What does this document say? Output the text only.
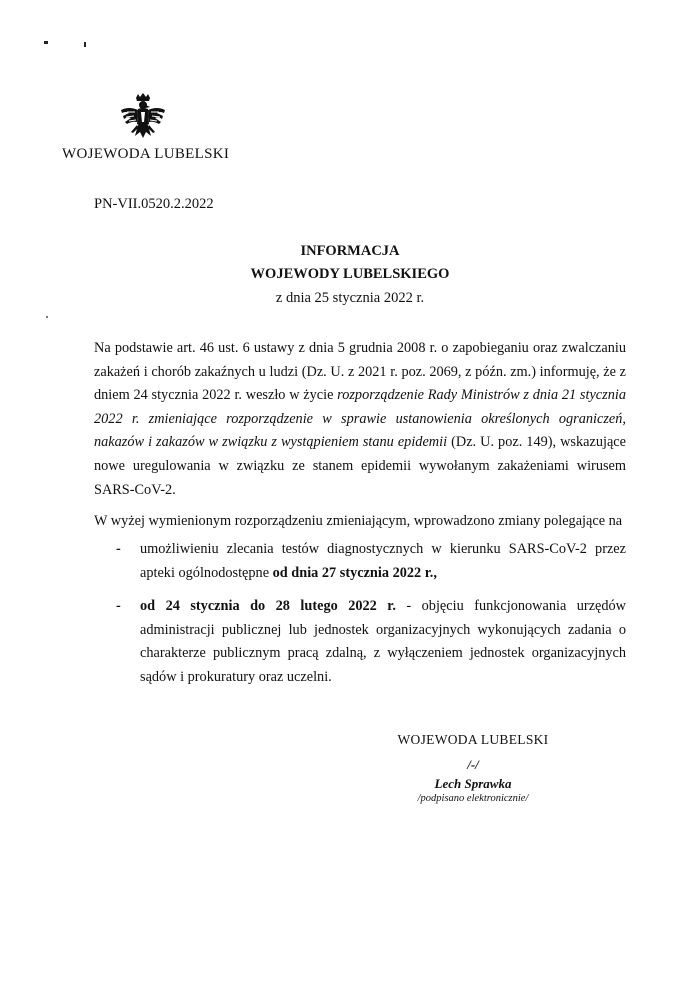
WOJEWODA LUBELSKI
PN-VII.0520.2.2022
INFORMACJA
WOJEWODY LUBELSKIEGO
z dnia 25 stycznia 2022 r.
Na podstawie art. 46 ust. 6 ustawy z dnia 5 grudnia 2008 r. o zapobieganiu oraz zwalczaniu zakażeń i chorób zakaźnych u ludzi (Dz. U. z 2021 r. poz. 2069, z późn. zm.) informuję, że z dniem 24 stycznia 2022 r. weszło w życie rozporządzenie Rady Ministrów z dnia 21 stycznia 2022 r. zmieniające rozporządzenie w sprawie ustanowienia określonych ograniczeń, nakazów i zakazów w związku z wystąpieniem stanu epidemii (Dz. U. poz. 149), wskazujące nowe uregulowania w związku ze stanem epidemii wywołanym zakażeniami wirusem SARS-CoV-2.
W wyżej wymienionym rozporządzeniu zmieniającym, wprowadzono zmiany polegające na
- umożliwieniu zlecania testów diagnostycznych w kierunku SARS-CoV-2 przez apteki ogólnodostępne od dnia 27 stycznia 2022 r.,
- od 24 stycznia do 28 lutego 2022 r. - objęciu funkcjonowania urzędów administracji publicznej lub jednostek organizacyjnych wykonujących zadania o charakterze publicznym pracą zdalną, z wyłączeniem jednostek organizacyjnych sądów i prokuratury oraz uczelni.
WOJEWODA LUBELSKI
/-/
Lech Sprawka
/podpisano elektronicznie/
